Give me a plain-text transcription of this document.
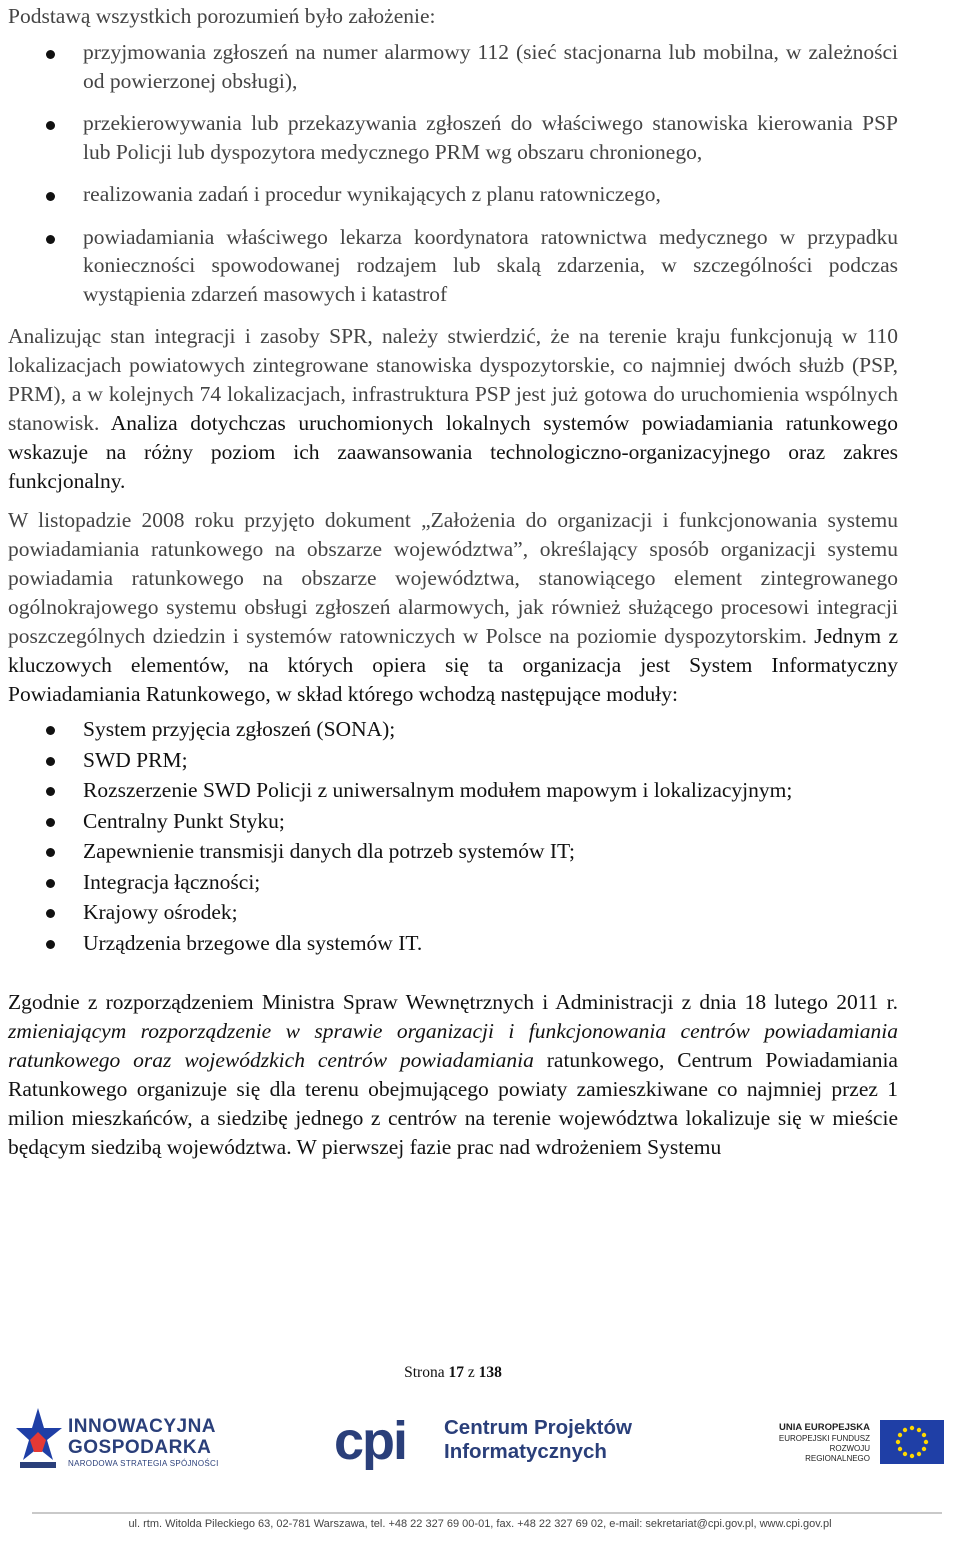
Podstawą wszystkich porozumień było założenie:

przyjmowania zgłoszeń na numer alarmowy 112 (sieć stacjonarna lub mobilna, w zależności od powierzonej obsługi),
przekierowywania lub przekazywania zgłoszeń do właściwego stanowiska kierowania PSP lub Policji lub dyspozytora medycznego PRM wg obszaru chronionego,
realizowania zadań i procedur wynikających z planu ratowniczego,
powiadamiania właściwego lekarza koordynatora ratownictwa medycznego w przypadku konieczności spowodowanej rodzajem lub skalą zdarzenia, w szczególności podczas wystąpienia zdarzeń masowych i katastrof

Analizując stan integracji i zasoby SPR, należy stwierdzić, że na terenie kraju funkcjonują w 110 lokalizacjach powiatowych zintegrowane stanowiska dyspozytorskie, co najmniej dwóch służb (PSP, PRM), a w kolejnych 74 lokalizacjach, infrastruktura PSP jest już gotowa do uruchomienia wspólnych stanowisk. Analiza dotychczas uruchomionych lokalnych systemów powiadamiania ratunkowego wskazuje na różny poziom ich zaawansowania technologiczno-organizacyjnego oraz zakres funkcjonalny.

W listopadzie 2008 roku przyjęto dokument „Założenia do organizacji i funkcjonowania systemu powiadamiania ratunkowego na obszarze województwa”, określający sposób organizacji systemu powiadamia ratunkowego na obszarze województwa, stanowiącego element zintegrowanego ogólnokrajowego systemu obsługi zgłoszeń alarmowych, jak również służącego procesowi integracji poszczególnych dziedzin i systemów ratowniczych w Polsce na poziomie dyspozytorskim. Jednym z kluczowych elementów, na których opiera się ta organizacja jest System Informatyczny Powiadamiania Ratunkowego, w skład którego wchodzą następujące moduły:

System przyjęcia zgłoszeń (SONA);
SWD PRM;
Rozszerzenie SWD Policji z uniwersalnym modułem mapowym i lokalizacyjnym;
Centralny Punkt Styku;
Zapewnienie transmisji danych dla potrzeb systemów IT;
Integracja łączności;
Krajowy ośrodek;
Urządzenia brzegowe dla systemów IT.

Zgodnie z rozporządzeniem Ministra Spraw Wewnętrznych i Administracji z dnia 18 lutego 2011 r. zmieniającym rozporządzenie w sprawie organizacji i funkcjonowania centrów powiadamiania ratunkowego oraz wojewódzkich centrów powiadamiania ratunkowego, Centrum Powiadamiania Ratunkowego organizuje się dla terenu obejmującego powiaty zamieszkiwane co najmniej przez 1 milion mieszkańców, a siedzibę jednego z centrów na terenie województwa lokalizuje się w mieście będącym siedzibą województwa. W pierwszej fazie prac nad wdrożeniem Systemu

Strona 17 z 138
INNOWACYJNA
GOSPODARKA
NARODOWA STRATEGIA SPÓJNOŚCI	cpi Centrum Projektów
Informatycznych
UNIA EUROPEJSKA
EUROPEJSKI FUNDUSZ
ROZWOJU REGIONALNEGO
ul. rtm. Witolda Pileckiego 63, 02-781 Warszawa, tel. +48 22 327 69 00-01, fax. +48 22 327 69 02, e-mail: sekretariat@cpi.gov.pl, www.cpi.gov.pl
